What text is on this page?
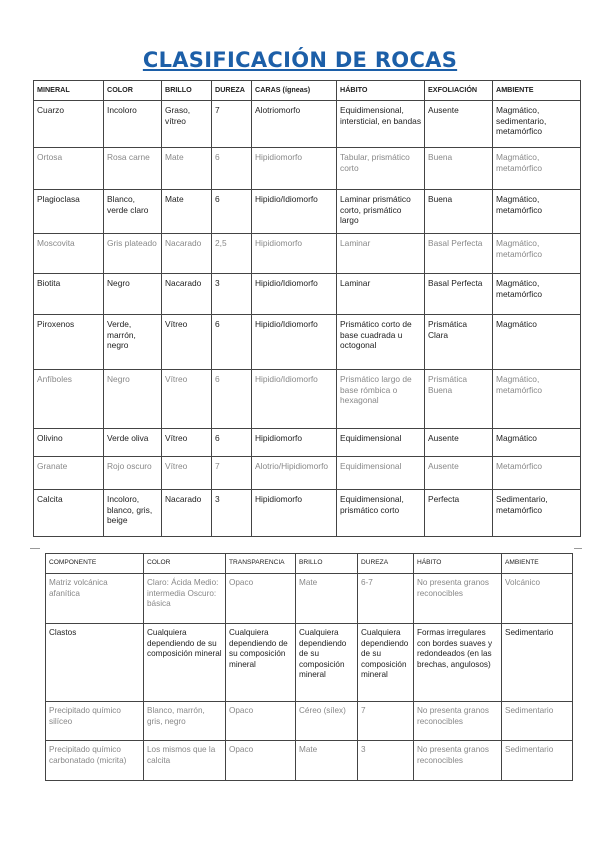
CLASIFICACIÓN DE ROCAS
MINERAL	COLOR	BRILLO	DUREZA	CARAS (ígneas)	HÁBITO	EXFOLIACIÓN	AMBIENTE
Cuarzo	Incoloro	Graso, vítreo	7	Alotriomorfo	Equidimensional, intersticial, en bandas	Ausente	Magmático, sedimentario, metamórfico
Ortosa	Rosa carne	Mate	6	Hipidiomorfo	Tabular, prismático corto	Buena	Magmático, metamórfico
Plagioclasa	Blanco, verde claro	Mate	6	Hipidio/Idiomorfo	Laminar prismático corto, prismático largo	Buena	Magmático, metamórfico
Moscovita	Gris plateado	Nacarado	2,5	Hipidiomorfo	Laminar	Basal Perfecta	Magmático, metamórfico
Biotita	Negro	Nacarado	3	Hipidio/Idiomorfo	Laminar	Basal Perfecta	Magmático, metamórfico
Piroxenos	Verde, marrón, negro	Vítreo	6	Hipidio/Idiomorfo	Prismático corto de base cuadrada u octogonal	Prismática Clara	Magmático
Anfíboles	Negro	Vítreo	6	Hipidio/Idiomorfo	Prismático largo de base rómbica o hexagonal	Prismática Buena	Magmático, metamórfico
Olivino	Verde oliva	Vítreo	6	Hipidiomorfo	Equidimensional	Ausente	Magmático
Granate	Rojo oscuro	Vítreo	7	Alotrio/Hipidiomorfo	Equidimensional	Ausente	Metamórfico
Calcita	Incoloro, blanco, gris, beige	Nacarado	3	Hipidiomorfo	Equidimensional, prismático corto	Perfecta	Sedimentario, metamórfico
COMPONENTE	COLOR	TRANSPARENCIA	BRILLO	DUREZA	HÁBITO	AMBIENTE
Matriz volcánica afanítica	Claro: Ácida Medio: intermedia Oscuro: básica	Opaco	Mate	6-7	No presenta granos reconocibles	Volcánico
Clastos	Cualquiera dependiendo de su composición mineral	Cualquiera dependiendo de su composición mineral	Cualquiera dependiendo de su composición mineral	Cualquiera dependiendo de su composición mineral	Formas irregulares con bordes suaves y redondeados (en las brechas, angulosos)	Sedimentario
Precipitado químico silíceo	Blanco, marrón, gris, negro	Opaco	Céreo (sílex)	7	No presenta granos reconocibles	Sedimentario
Precipitado químico carbonatado (micrita)	Los mismos que la calcita	Opaco	Mate	3	No presenta granos reconocibles	Sedimentario
